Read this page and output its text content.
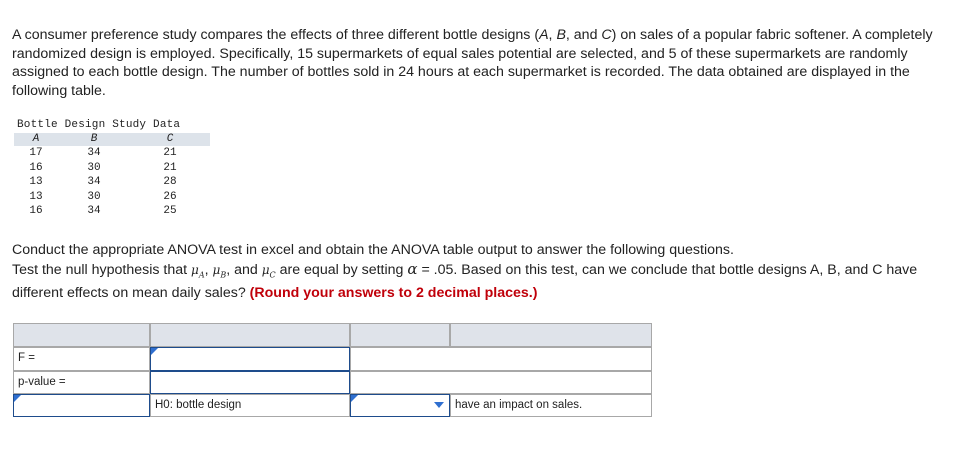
A consumer preference study compares the effects of three different bottle designs (A, B, and C) on sales of a popular fabric softener. A completely randomized design is employed. Specifically, 15 supermarkets of equal sales potential are selected, and 5 of these supermarkets are randomly assigned to each bottle design. The number of bottles sold in 24 hours at each supermarket is recorded. The data obtained are displayed in the following table.

Bottle Design Study Data
A	B	C
17	34	21
16	30	21
13	34	28
13	30	26
16	34	25

Conduct the appropriate ANOVA test in excel and obtain the ANOVA table output to answer the following questions.
Test the null hypothesis that $\mu_A$, $\mu_B$, and $\mu_C$ are equal by setting α = .05. Based on this test, can we conclude that bottle designs A, B, and C have different effects on mean daily sales? (Round your answers to 2 decimal places.)

F =
p-value =
H0: bottle design	have an impact on sales.
